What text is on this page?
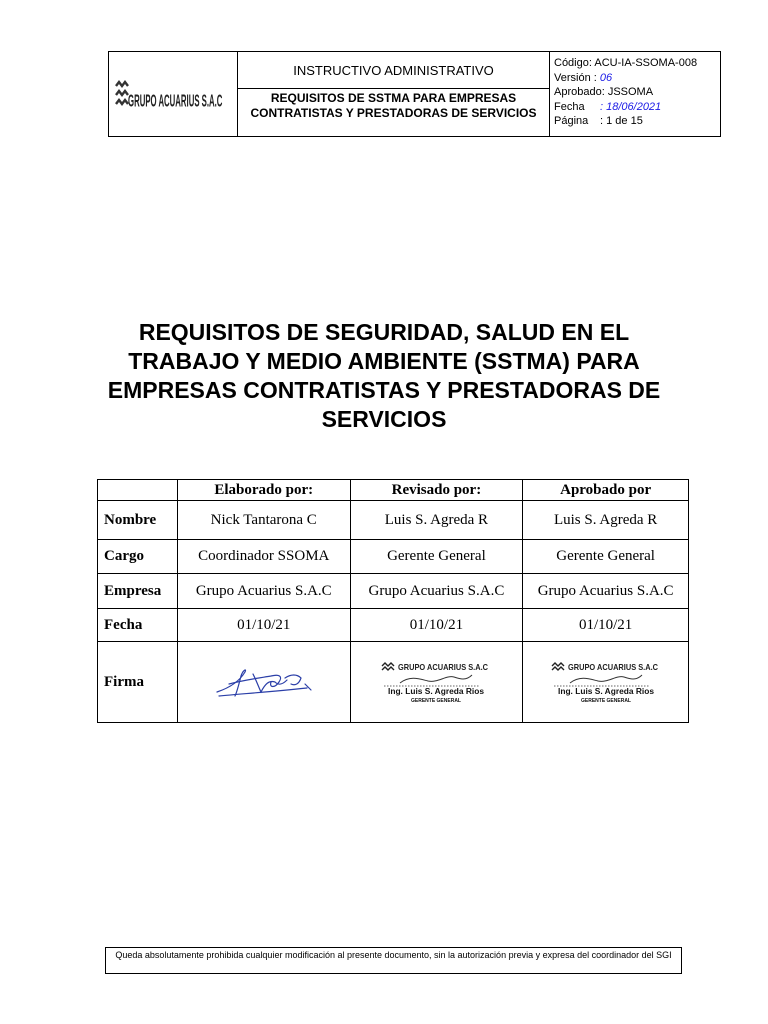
GRUPO ACUARIUS S.A.C
INSTRUCTIVO ADMINISTRATIVO
REQUISITOS DE SSTMA PARA EMPRESAS CONTRATISTAS Y PRESTADORAS DE SERVICIOS
Código: ACU-IA-SSOMA-008
Versión : 06
Aprobado: JSSOMA
Fecha : 18/06/2021
Página : 1 de 15
REQUISITOS DE SEGURIDAD, SALUD EN EL TRABAJO Y MEDIO AMBIENTE (SSTMA) PARA EMPRESAS CONTRATISTAS Y PRESTADORAS DE SERVICIOS
	Elaborado por:	Revisado por:	Aprobado por
Nombre	Nick Tantarona C	Luis S. Agreda R	Luis S. Agreda R
Cargo	Coordinador SSOMA	Gerente General	Gerente General
Empresa	Grupo Acuarius S.A.C	Grupo Acuarius S.A.C	Grupo Acuarius S.A.C
Fecha	01/10/21	01/10/21	01/10/21
Firma		GRUPO ACUARIUS S.A.C
Ing. Luis S. Agreda Rios
GERENTE GENERAL	GRUPO ACUARIUS S.A.C
Ing. Luis S. Agreda Rios
GERENTE GENERAL
Queda absolutamente prohibida cualquier modificación al presente documento, sin la autorización previa y expresa del coordinador del SGI
